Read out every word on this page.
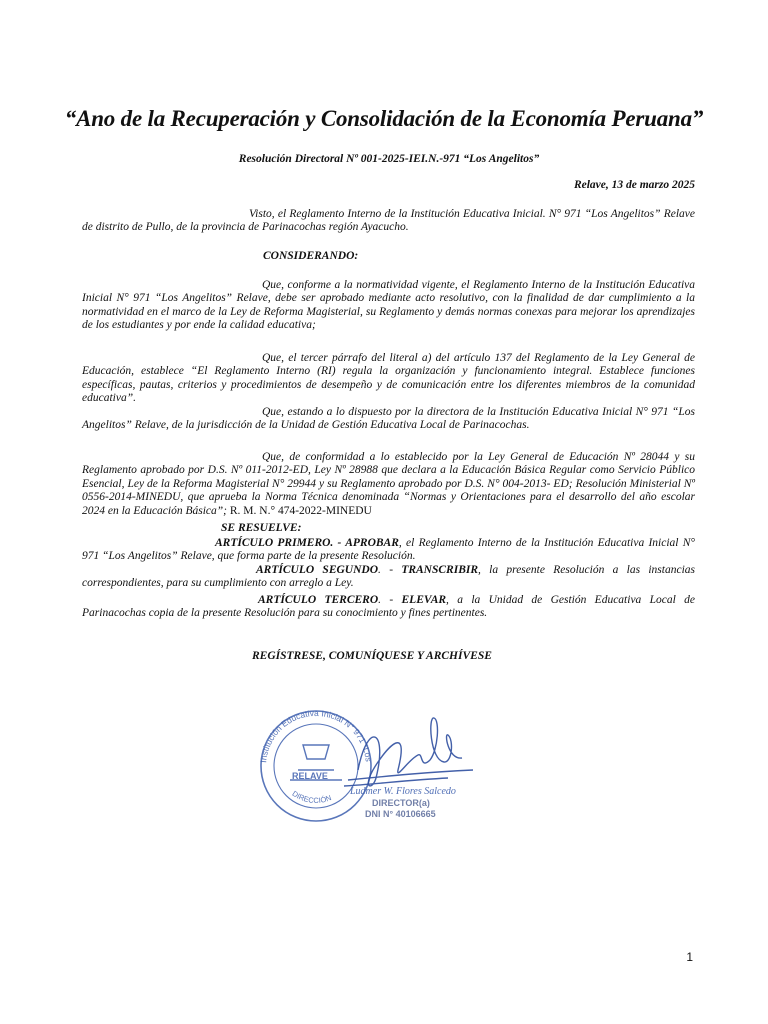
“Ano de la Recuperación y Consolidación de la Economía Peruana”
Resolución Directoral Nº 001-2025-IEI.N.-971 “Los Angelitos”
Relave, 13 de marzo 2025
Visto, el Reglamento Interno de la Institución Educativa Inicial. N° 971 “Los Angelitos” Relave de distrito de Pullo, de la provincia de Parinacochas región Ayacucho.
CONSIDERANDO:
Que, conforme a la normatividad vigente, el Reglamento Interno de la Institución Educativa Inicial N° 971 “Los Angelitos” Relave, debe ser aprobado mediante acto resolutivo, con la finalidad de dar cumplimiento a la normatividad en el marco de la Ley de Reforma Magisterial, su Reglamento y demás normas conexas para mejorar los aprendizajes de los estudiantes y por ende la calidad educativa;
Que, el tercer párrafo del literal a) del artículo 137 del Reglamento de la Ley General de Educación, establece “El Reglamento Interno (RI) regula la organización y funcionamiento integral. Establece funciones específicas, pautas, criterios y procedimientos de desempeño y de comunicación entre los diferentes miembros de la comunidad educativa”.
Que, estando a lo dispuesto por la directora de la Institución Educativa Inicial N° 971 “Los Angelitos” Relave, de la jurisdicción de la Unidad de Gestión Educativa Local de Parinacochas.
Que, de conformidad a lo establecido por la Ley General de Educación Nº 28044 y su Reglamento aprobado por D.S. Nº 011-2012-ED, Ley Nº 28988 que declara a la Educación Básica Regular como Servicio Público Esencial, Ley de la Reforma Magisterial N° 29944 y su Reglamento aprobado por D.S. N° 004-2013- ED; Resolución Ministerial Nº 0556-2014-MINEDU, que aprueba la Norma Técnica denominada “Normas y Orientaciones para el desarrollo del año escolar 2024 en la Educación Básica”; R. M. N.° 474-2022-MINEDU
SE RESUELVE:
ARTÍCULO PRIMERO. - APROBAR, el Reglamento Interno de la Institución Educativa Inicial N° 971 “Los Angelitos” Relave, que forma parte de la presente Resolución.
ARTÍCULO SEGUNDO. - TRANSCRIBIR, la presente Resolución a las instancias correspondientes, para su cumplimiento con arreglo a Ley.
ARTÍCULO TERCERO. - ELEVAR, a la Unidad de Gestión Educativa Local de Parinacochas copia de la presente Resolución para su conocimiento y fines pertinentes.
REGÍSTRESE, COMUNÍQUESE Y ARCHÍVESE
Institución Educativa Inicial N° 971 “Los
RELAVE
DIRECCIÓN
Ludmer W. Flores Salcedo
DIRECTOR(a)
DNI N° 40106665
1
